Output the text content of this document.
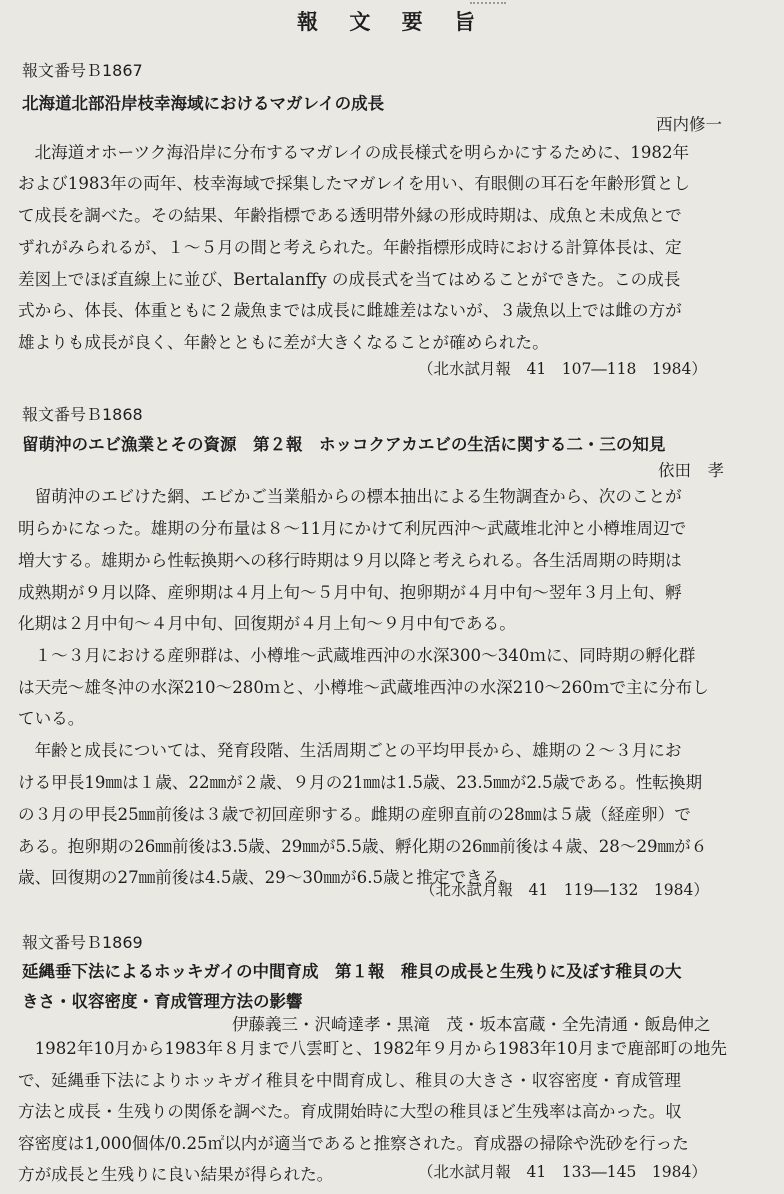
報 文 要 旨
報文番号Ｂ1867
北海道北部沿岸枝幸海域におけるマガレイの成長
西内修一
　北海道オホーツク海沿岸に分布するマガレイの成長様式を明らかにするために、1982年
および1983年の両年、枝幸海域で採集したマガレイを用い、有眼側の耳石を年齢形質とし
て成長を調べた。その結果、年齢指標である透明帯外縁の形成時期は、成魚と未成魚とで
ずれがみられるが、１～５月の間と考えられた。年齢指標形成時における計算体長は、定
差図上でほぼ直線上に並び、Bertalanffy の成長式を当てはめることができた。この成長
式から、体長、体重ともに２歳魚までは成長に雌雄差はないが、３歳魚以上では雌の方が
雄よりも成長が良く、年齢とともに差が大きくなることが確められた。
（北水試月報　41　107―118　1984）
報文番号Ｂ1868
留萌沖のエビ漁業とその資源　第２報　ホッコクアカエビの生活に関する二・三の知見
依田　孝
　留萌沖のエビけた網、エビかご当業船からの標本抽出による生物調査から、次のことが
明らかになった。雄期の分布量は８～11月にかけて利尻西沖～武蔵堆北沖と小樽堆周辺で
増大する。雄期から性転換期への移行時期は９月以降と考えられる。各生活周期の時期は
成熟期が９月以降、産卵期は４月上旬～５月中旬、抱卵期が４月中旬～翌年３月上旬、孵
化期は２月中旬～４月中旬、回復期が４月上旬～９月中旬である。
　１～３月における産卵群は、小樽堆～武蔵堆西沖の水深300～340ｍに、同時期の孵化群
は天売～雄冬沖の水深210～280ｍと、小樽堆～武蔵堆西沖の水深210～260ｍで主に分布し
ている。
　年齢と成長については、発育段階、生活周期ごとの平均甲長から、雄期の２～３月にお
ける甲長19㎜は１歳、22㎜が２歳、９月の21㎜は1.5歳、23.5㎜が2.5歳である。性転換期
の３月の甲長25㎜前後は３歳で初回産卵する。雌期の産卵直前の28㎜は５歳（経産卵）で
ある。抱卵期の26㎜前後は3.5歳、29㎜が5.5歳、孵化期の26㎜前後は４歳、28～29㎜が６
歳、回復期の27㎜前後は4.5歳、29～30㎜が6.5歳と推定できる。
（北水試月報　41　119―132　1984）
報文番号Ｂ1869
延縄垂下法によるホッキガイの中間育成　第１報　稚貝の成長と生残りに及ぼす稚貝の大
きさ・収容密度・育成管理方法の影響
伊藤義三・沢崎達孝・黒滝　茂・坂本富蔵・全先清通・飯島伸之
　1982年10月から1983年８月まで八雲町と、1982年９月から1983年10月まで鹿部町の地先
で、延縄垂下法によりホッキガイ稚貝を中間育成し、稚貝の大きさ・収容密度・育成管理
方法と成長・生残りの関係を調べた。育成開始時に大型の稚貝ほど生残率は高かった。収
容密度は1,000個体/0.25㎡以内が適当であると推察された。育成器の掃除や洗砂を行った
方が成長と生残りに良い結果が得られた。	（北水試月報　41　133―145　1984）
